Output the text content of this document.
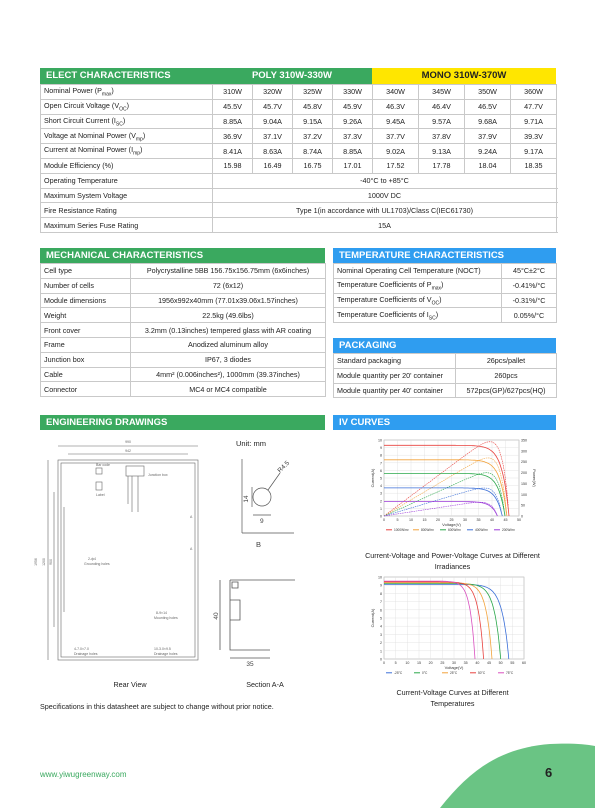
ELECT CHARACTERISTICS	POLY 310W-330W	MONO 310W-370W
Nominal Power $(P_{max})$	310W	320W	325W	330W	340W	345W	350W	360W	
Open Circuit Voltage $(V_{OC})$	45.5V	45.7V	45.8V	45.9V	46.3V	46.4V	46.5V	47.7V	
Short Circuit Current $(I_{SC})$	8.85A	9.04A	9.15A	9.26A	9.45A	9.57A	9.68A	9.71A	
Voltage at Nominal Power $(V_{mp})$	36.9V	37.1V	37.2V	37.3V	37.7V	37.8V	37.9V	39.3V	
Current at Nominal Power $(I_{mp})$	8.41A	8.63A	8.74A	8.85A	9.02A	9.13A	9.24A	9.17A	
Module Efficiency (%)	15.98	16.49	16.75	17.01	17.52	17.78	18.04	18.35	
Operating Temperature	-40°C to +85°C								
Maximum System Voltage	1000V DC								
Fire Resistance Rating	Type 1(in accordance with UL1703)/Class C(IEC61730)								
Maximum Series Fuse Rating	15A								
MECHANICAL CHARACTERISTICS
Cell type	Polycrystalline 5BB 156.75x156.75mm (6x6inches)
Number of cells	72 (6x12)
Module dimensions	1956x992x40mm (77.01x39.06x1.57inches)
Weight	22.5kg (49.6lbs)
Front cover	3.2mm (0.13inches) tempered glass with AR coating
Frame	Anodized aluminum alloy
Junction box	IP67, 3 diodes
Cable	4mm² (0.006inches²), 1000mm (39.37inches)
Connector	MC4 or MC4 compatible
TEMPERATURE CHARACTERISTICS
Nominal Operating Cell Temperature (NOCT)	45°C±2°C
Temperature Coefficients of $P_{max}$)	-0.41%/°C
Temperature Coefficients of $V_{OC}$)	-0.31%/°C
Temperature Coefficients of $I_{SC}$)	0.05%/°C
PACKAGING
Standard packaging	26pcs/pallet
Module quantity per 20' container	260pcs
Module quantity per 40' container	572pcs(GP)/627pcs(HQ)
ENGINEERING DRAWINGS
990
942
1956 1200 900
Bar code
Junction box
Label
2-ф4
Grounding holes
8-9×14
Mounting holes
4-7.0×7.0
Drainage holes
10-3.0×9.5
Drainage holes
A
A
Unit: mm
R4.5
14
9
B
40
35
Rear View	Section A-A
IV CURVES
0
1
2
3
4
5
6
7
8
9
10
0	5	10	15	20	25	30	35	40	45	50
Voltage(V)
Current(A)
0
50
100
150
200
250
300
350
Power(W)
1000W/m²	800W/m²	600W/m²	400W/m²	200W/m²
Current-Voltage and Power-Voltage Curves at Different Irradiances
0
1
2
3
4
5
6
7
8
9
10
0	5 10 15 20 25 30 35 40 45 50 55 60
Voltage(V)
Current(A)
-25°C	0°C	25°C	50°C	75°C
Current-Voltage Curves at Different Temperatures
Specifications in this datasheet are subject to change without prior notice.
www.yiwugreenway.com	6
